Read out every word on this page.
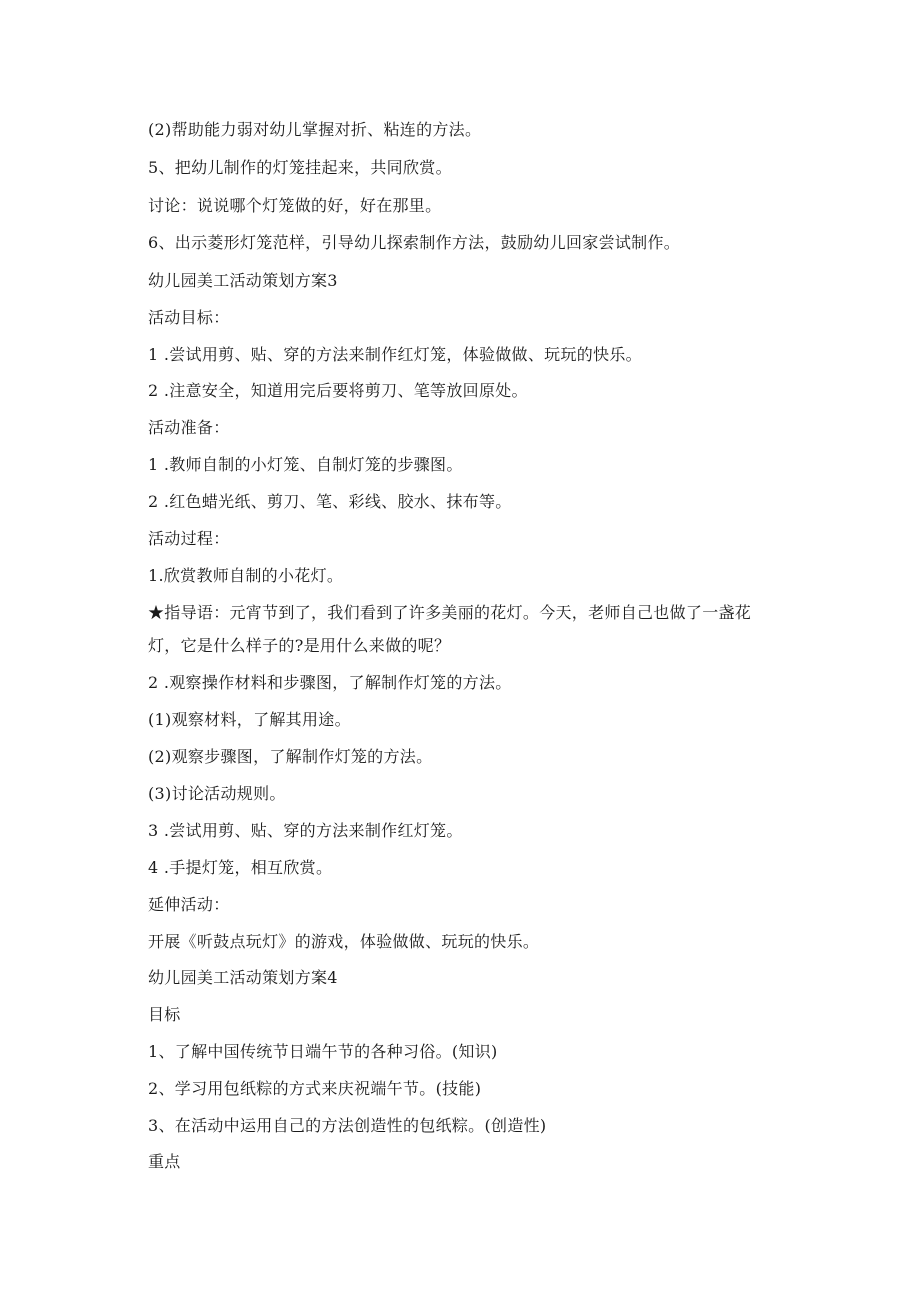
(2)帮助能力弱对幼儿掌握对折、粘连的方法。
5、把幼儿制作的灯笼挂起来，共同欣赏。
讨论：说说哪个灯笼做的好，好在那里。
6、出示菱形灯笼范样，引导幼儿探索制作方法，鼓励幼儿回家尝试制作。
幼儿园美工活动策划方案3
活动目标：
1 .尝试用剪、贴、穿的方法来制作红灯笼，体验做做、玩玩的快乐。
2 .注意安全，知道用完后要将剪刀、笔等放回原处。
活动准备：
1 .教师自制的小灯笼、自制灯笼的步骤图。
2 .红色蜡光纸、剪刀、笔、彩线、胶水、抹布等。
活动过程：
1.欣赏教师自制的小花灯。
★指导语：元宵节到了，我们看到了许多美丽的花灯。今天，老师自己也做了一盏花
灯，它是什么样子的?是用什么来做的呢？
2 .观察操作材料和步骤图，了解制作灯笼的方法。
(1)观察材料，了解其用途。
(2)观察步骤图，了解制作灯笼的方法。
(3)讨论活动规则。
3 .尝试用剪、贴、穿的方法来制作红灯笼。
4 .手提灯笼，相互欣赏。
延伸活动：
开展《听鼓点玩灯》的游戏，体验做做、玩玩的快乐。
幼儿园美工活动策划方案4
目标
1、了解中国传统节日端午节的各种习俗。(知识)
2、学习用包纸粽的方式来庆祝端午节。(技能)
3、在活动中运用自己的方法创造性的包纸粽。(创造性)
重点
